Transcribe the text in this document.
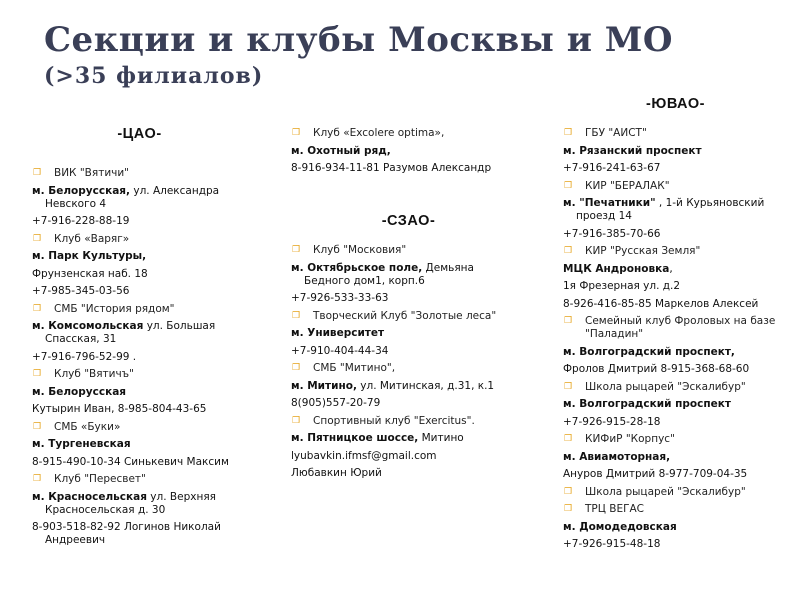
Секции и клубы Москвы и МО
(>35 филиалов)
-ЦАО-
❒ ВИК "Вятичи"
м. Белорусская, ул. Александра
Невского 4
+7-916-228-88-19
❒ Клуб «Варяг»
м. Парк Культуры,
Фрунзенская наб. 18
+7-985-345-03-56
❒ СМБ "История рядом"
м. Комсомольская ул. Большая
Спасская, 31
+7-916-796-52-99 .
❒ Клуб "Вятичъ"
м. Белорусская
Кутырин Иван, 8-985-804-43-65
❒ СМБ «Буки»
м. Тургеневская
8-915-490-10-34 Синькевич Максим
❒ Клуб "Пересвет"
м. Красносельская ул. Верхняя
Красносельская д. 30
8-903-518-82-92 Логинов Николай
Андреевич
❒ Клуб «Excolere optima»,
м. Охотный ряд,
8-916-934-11-81 Разумов Александр
-СЗАО-
❒ Клуб "Московия"
м. Октябрьское поле, Демьяна
Бедного дом1, корп.6
+7-926-533-33-63
❒ Творческий Клуб "Золотые леса"
м. Университет
+7-910-404-44-34
❒ СМБ "Митино",
м. Митино, ул. Митинская, д.31, к.1
8(905)557-20-79
❒ Спортивный клуб "Exercitus".
м. Пятницкое шоссе, Митино
lyubavkin.ifmsf@gmail.com
Любавкин Юрий
-ЮВАО-
❒ ГБУ "АИСТ"
м. Рязанский проспект
+7-916-241-63-67
❒ КИР "БЕРАЛАК"
м. "Печатники" , 1-й Курьяновский
проезд 14
+7-916-385-70-66
❒ КИР "Русская Земля"
МЦК Андроновка,
1я Фрезерная ул. д.2
8-926-416-85-85 Маркелов Алексей
❒ Семейный клуб Фроловых на базе
"Паладин"
м. Волгоградский проспект,
Фролов Дмитрий 8-915-368-68-60
❒ Школа рыцарей "Эскалибур"
м. Волгоградский проспект
+7-926-915-28-18
❒ КИФиР "Корпус"
м. Авиамоторная,
Ануров Дмитрий 8-977-709-04-35
❒ Школа рыцарей "Эскалибур"
❒ ТРЦ ВЕГАС
м. Домодедовская
+7-926-915-48-18
